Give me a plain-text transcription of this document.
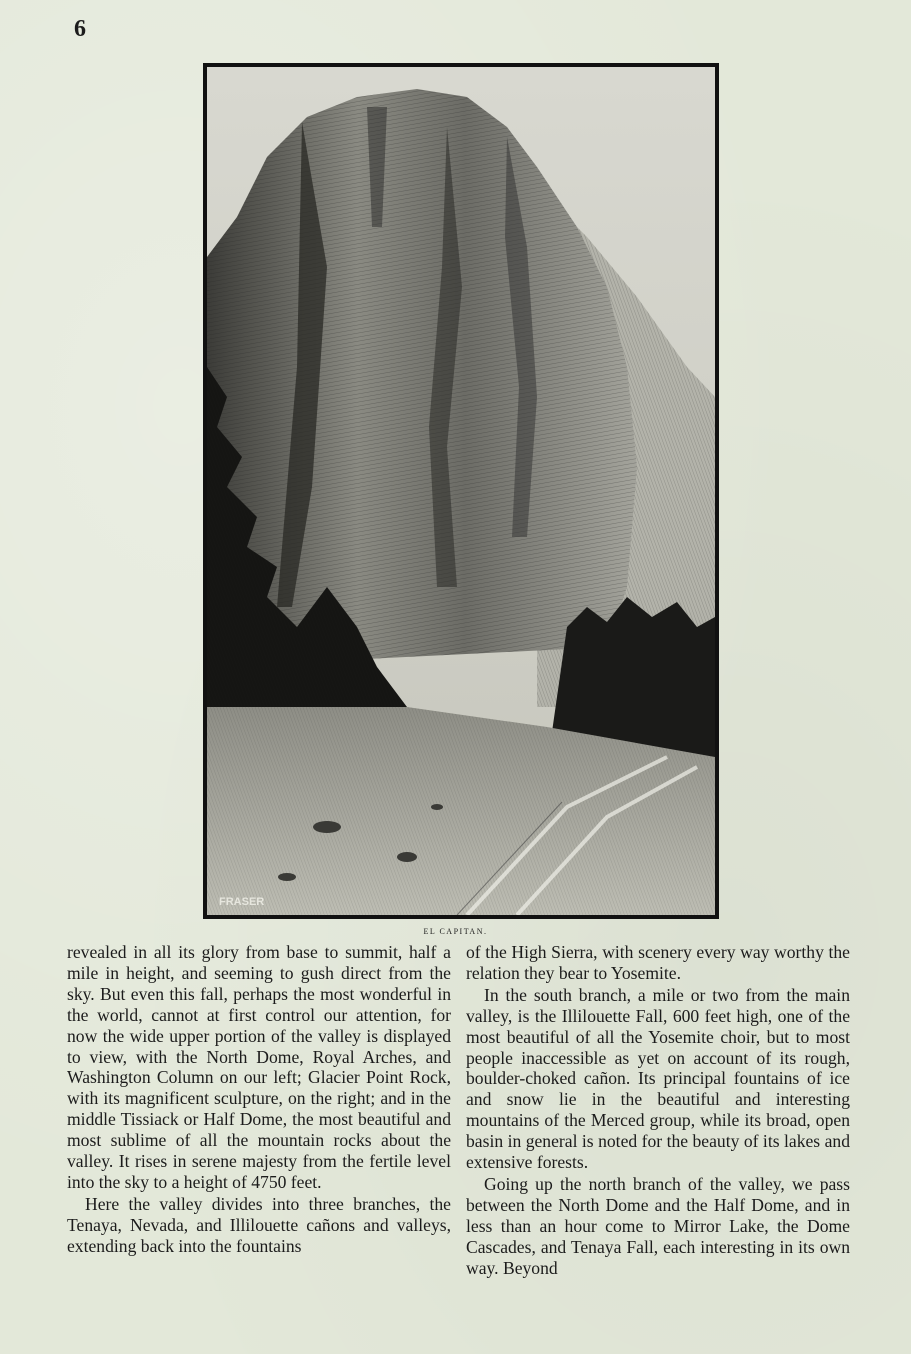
6
FRASER
EL CAPITAN.

revealed in all its glory from base to summit, half a mile in height, and seeming to gush direct from the sky. But even this fall, perhaps the most wonderful in the world, cannot at first control our attention, for now the wide upper portion of the valley is displayed to view, with the North Dome, Royal Arches, and Washington Column on our left; Glacier Point Rock, with its magnificent sculpture, on the right; and in the middle Tissiack or Half Dome, the most beautiful and most sublime of all the mountain rocks about the valley. It rises in serene majesty from the fertile level into the sky to a height of 4750 feet.

Here the valley divides into three branches, the Tenaya, Nevada, and Illilouette cañons and valleys, extending back into the fountains

of the High Sierra, with scenery every way worthy the relation they bear to Yosemite.

In the south branch, a mile or two from the main valley, is the Illilouette Fall, 600 feet high, one of the most beautiful of all the Yosemite choir, but to most people inaccessible as yet on account of its rough, boulder-choked cañon. Its principal fountains of ice and snow lie in the beautiful and interesting mountains of the Merced group, while its broad, open basin in general is noted for the beauty of its lakes and extensive forests.

Going up the north branch of the valley, we pass between the North Dome and the Half Dome, and in less than an hour come to Mirror Lake, the Dome Cascades, and Tenaya Fall, each interesting in its own way. Beyond
